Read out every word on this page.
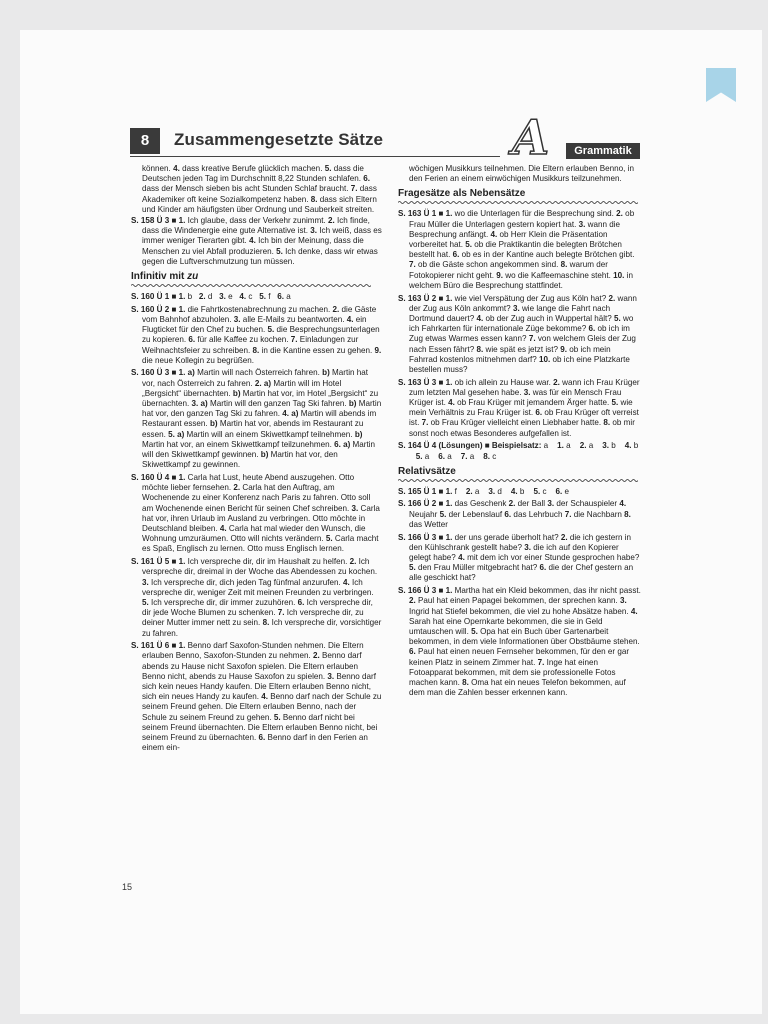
8	Zusammengesetzte Sätze	A	Grammatik
können. 4. dass kreative Berufe glücklich machen. 5. dass die Deutschen jeden Tag im Durchschnitt 8,22 Stunden schlafen. 6. dass der Mensch sieben bis acht Stunden Schlaf braucht. 7. dass Akademiker oft keine Sozialkompetenz haben. 8. dass sich Eltern und Kinder am häufigsten über Ordnung und Sauberkeit streiten.
S. 158 Ü 3 ■ 1. Ich glaube, dass der Verkehr zunimmt. 2. Ich finde, dass die Windenergie eine gute Alternative ist. 3. Ich weiß, dass es immer weniger Tierarten gibt. 4. Ich bin der Meinung, dass die Menschen zu viel Abfall produzieren. 5. Ich denke, dass wir etwas gegen die Luftverschmutzung tun müssen.
Infinitiv mit zu
S. 160 Ü 1 ■ 1. b   2. d   3. e   4. c   5. f   6. a
S. 160 Ü 2 ■ 1. die Fahrtkostenabrechnung zu machen. 2. die Gäste vom Bahnhof abzuholen. 3. alle E-Mails zu beantworten. 4. ein Flugticket für den Chef zu buchen. 5. die Besprechungsunterlagen zu kopieren. 6. für alle Kaffee zu kochen. 7. Einladungen zur Weihnachtsfeier zu schreiben. 8. in die Kantine essen zu gehen. 9. die neue Kollegin zu begrüßen.
S. 160 Ü 3 ■ 1. a) Martin will nach Österreich fahren. b) Martin hat vor, nach Österreich zu fahren. 2. a) Martin will im Hotel „Bergsicht“ übernachten. b) Martin hat vor, im Hotel „Bergsicht“ zu übernachten. 3. a) Martin will den ganzen Tag Ski fahren. b) Martin hat vor, den ganzen Tag Ski zu fahren. 4. a) Martin will abends im Restaurant essen. b) Martin hat vor, abends im Restaurant zu essen. 5. a) Martin will an einem Skiwettkampf teilnehmen. b) Martin hat vor, an einem Skiwettkampf teilzunehmen. 6. a) Martin will den Skiwettkampf gewinnen. b) Martin hat vor, den Skiwettkampf zu gewinnen.
S. 160 Ü 4 ■ 1. Carla hat Lust, heute Abend auszugehen. Otto möchte lieber fernsehen. 2. Carla hat den Auftrag, am Wochenende zu einer Konferenz nach Paris zu fahren. Otto soll am Wochenende einen Bericht für seinen Chef schreiben. 3. Carla hat vor, ihren Urlaub im Ausland zu verbringen. Otto möchte in Deutschland bleiben. 4. Carla hat mal wieder den Wunsch, die Wohnung umzuräumen. Otto will nichts verändern. 5. Carla macht es Spaß, Englisch zu lernen. Otto muss Englisch lernen.
S. 161 Ü 5 ■ 1. Ich verspreche dir, dir im Haushalt zu helfen. 2. Ich verspreche dir, dreimal in der Woche das Abendessen zu kochen. 3. Ich verspreche dir, dich jeden Tag fünfmal anzurufen. 4. Ich verspreche dir, weniger Zeit mit meinen Freunden zu verbringen. 5. Ich verspreche dir, dir immer zuzuhören. 6. Ich verspreche dir, dir jede Woche Blumen zu schenken. 7. Ich verspreche dir, zu deiner Mutter immer nett zu sein. 8. Ich verspreche dir, vorsichtiger zu fahren.
S. 161 Ü 6 ■ 1. Benno darf Saxofon-Stunden nehmen. Die Eltern erlauben Benno, Saxofon-Stunden zu nehmen. 2. Benno darf abends zu Hause nicht Saxofon spielen. Die Eltern erlauben Benno nicht, abends zu Hause Saxofon zu spielen. 3. Benno darf sich kein neues Handy kaufen. Die Eltern erlauben Benno nicht, sich ein neues Handy zu kaufen. 4. Benno darf nach der Schule zu seinem Freund gehen. Die Eltern erlauben Benno, nach der Schule zu seinem Freund zu gehen. 5. Benno darf nicht bei seinem Freund übernachten. Die Eltern erlauben Benno nicht, bei seinem Freund zu übernachten. 6. Benno darf in den Ferien an einem ein-
wöchigen Musikkurs teilnehmen. Die Eltern erlauben Benno, in den Ferien an einem einwöchigen Musikkurs teilzunehmen.
Fragesätze als Nebensätze
S. 163 Ü 1 ■ 1. wo die Unterlagen für die Besprechung sind. 2. ob Frau Müller die Unterlagen gestern kopiert hat. 3. wann die Besprechung anfängt. 4. ob Herr Klein die Präsentation vorbereitet hat. 5. ob die Praktikantin die belegten Brötchen bestellt hat. 6. ob es in der Kantine auch belegte Brötchen gibt. 7. ob die Gäste schon angekommen sind. 8. warum der Fotokopierer nicht geht. 9. wo die Kaffeemaschine steht. 10. in welchem Büro die Besprechung stattfindet.
S. 163 Ü 2 ■ 1. wie viel Verspätung der Zug aus Köln hat? 2. wann der Zug aus Köln ankommt? 3. wie lange die Fahrt nach Dortmund dauert? 4. ob der Zug auch in Wuppertal hält? 5. wo ich Fahrkarten für internationale Züge bekomme? 6. ob ich im Zug etwas Warmes essen kann? 7. von welchem Gleis der Zug nach Essen fährt? 8. wie spät es jetzt ist? 9. ob ich mein Fahrrad kostenlos mitnehmen darf? 10. ob ich eine Platzkarte bestellen muss?
S. 163 Ü 3 ■ 1. ob ich allein zu Hause war. 2. wann ich Frau Krüger zum letzten Mal gesehen habe. 3. was für ein Mensch Frau Krüger ist. 4. ob Frau Krüger mit jemandem Ärger hatte. 5. wie mein Verhältnis zu Frau Krüger ist. 6. ob Frau Krüger oft verreist ist. 7. ob Frau Krüger vielleicht einen Liebhaber hatte. 8. ob mir sonst noch etwas Besonderes aufgefallen ist.
S. 164 Ü 4 (Lösungen) ■ Beispielsatz: a    1. a    2. a    3. b    4. b    5. a    6. a    7. a    8. c
Relativsätze
S. 165 Ü 1 ■ 1. f    2. a    3. d    4. b    5. c    6. e
S. 166 Ü 2 ■ 1. das Geschenk 2. der Ball 3. der Schauspieler 4. Neujahr 5. der Lebenslauf 6. das Lehrbuch 7. die Nachbarn 8. das Wetter
S. 166 Ü 3 ■ 1. der uns gerade überholt hat? 2. die ich gestern in den Kühlschrank gestellt habe? 3. die ich auf den Kopierer gelegt habe? 4. mit dem ich vor einer Stunde gesprochen habe? 5. den Frau Müller mitgebracht hat? 6. die der Chef gestern an alle geschickt hat?
S. 166 Ü 3 ■ 1. Martha hat ein Kleid bekommen, das ihr nicht passt. 2. Paul hat einen Papagei bekommen, der sprechen kann. 3. Ingrid hat Stiefel bekommen, die viel zu hohe Absätze haben. 4. Sarah hat eine Opernkarte bekommen, die sie in Geld umtauschen will. 5. Opa hat ein Buch über Gartenarbeit bekommen, in dem viele Informationen über Obstbäume stehen. 6. Paul hat einen neuen Fernseher bekommen, für den er gar keinen Platz in seinem Zimmer hat. 7. Inge hat einen Fotoapparat bekommen, mit dem sie professionelle Fotos machen kann. 8. Oma hat ein neues Telefon bekommen, auf dem man die Zahlen besser erkennen kann.
15
